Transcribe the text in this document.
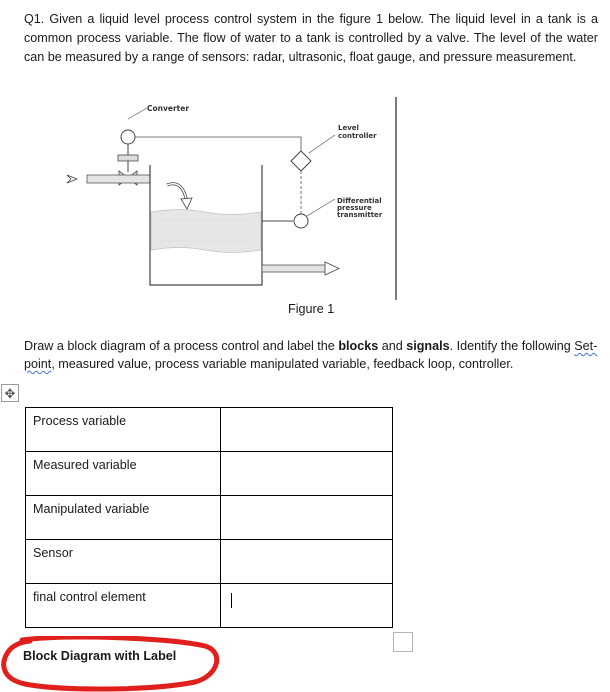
Q1. Given a liquid level process control system in the figure 1 below. The liquid level in a tank is a common process variable. The flow of water to a tank is controlled by a valve. The level of the water can be measured by a range of sensors: radar, ultrasonic, float gauge, and pressure measurement.

Converter
Level
controller
Differential
pressure
transmitter
Figure 1

Draw a block diagram of a process control and label the blocks and signals. Identify the following Set-point, measured value, process variable manipulated variable, feedback loop, controller.

✥
Process variable	
Measured variable	
Manipulated variable	
Sensor	
final control element	
Block Diagram with Label
